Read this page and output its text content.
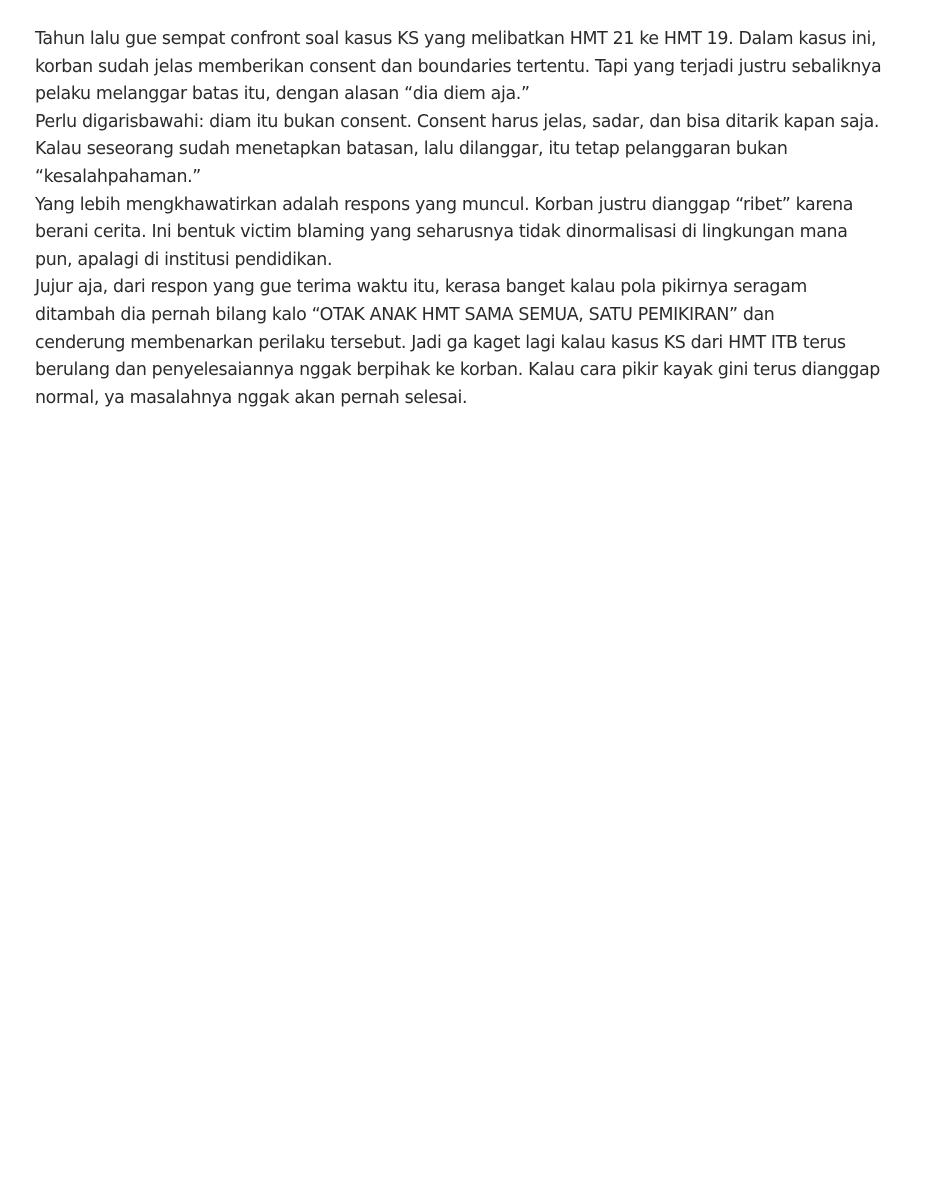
Tahun lalu gue sempat confront soal kasus KS yang melibatkan HMT 21 ke HMT 19. Dalam kasus ini,
korban sudah jelas memberikan consent dan boundaries tertentu. Tapi yang terjadi justru sebaliknya
pelaku melanggar batas itu, dengan alasan “dia diem aja.”
Perlu digarisbawahi: diam itu bukan consent. Consent harus jelas, sadar, dan bisa ditarik kapan saja.
Kalau seseorang sudah menetapkan batasan, lalu dilanggar, itu tetap pelanggaran bukan
“kesalahpahaman.”
Yang lebih mengkhawatirkan adalah respons yang muncul. Korban justru dianggap “ribet” karena
berani cerita. Ini bentuk victim blaming yang seharusnya tidak dinormalisasi di lingkungan mana
pun, apalagi di institusi pendidikan.
Jujur aja, dari respon yang gue terima waktu itu, kerasa banget kalau pola pikirnya seragam
ditambah dia pernah bilang kalo “OTAK ANAK HMT SAMA SEMUA, SATU PEMIKIRAN” dan
cenderung membenarkan perilaku tersebut. Jadi ga kaget lagi kalau kasus KS dari HMT ITB terus
berulang dan penyelesaiannya nggak berpihak ke korban. Kalau cara pikir kayak gini terus dianggap
normal, ya masalahnya nggak akan pernah selesai.
